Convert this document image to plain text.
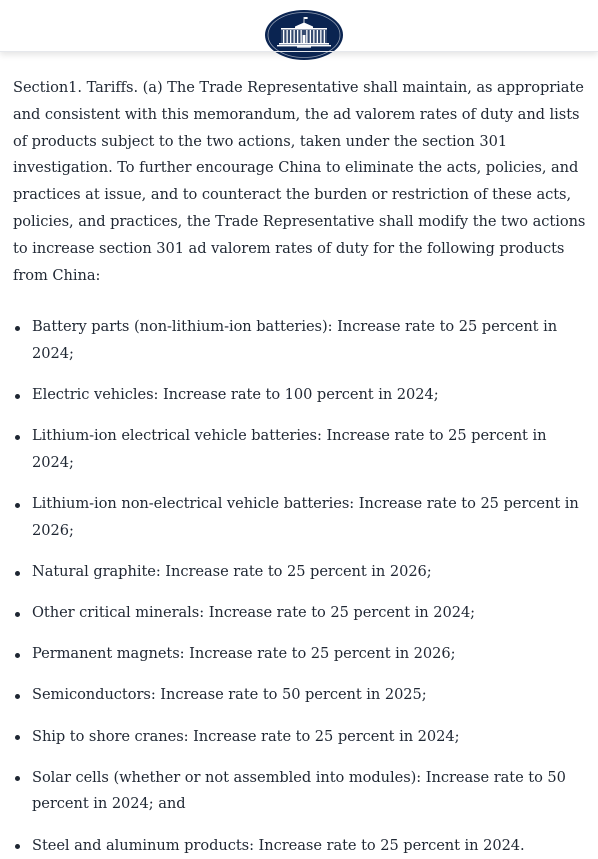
Section1. Tariffs. (a) The Trade Representative shall maintain, as appropriate and consistent with this memorandum, the ad valorem rates of duty and lists of products subject to the two actions, taken under the section 301 investigation. To further encourage China to eliminate the acts, policies, and practices at issue, and to counteract the burden or restriction of these acts, policies, and practices, the Trade Representative shall modify the two actions to increase section 301 ad valorem rates of duty for the following products from China:

Battery parts (non-lithium-ion batteries): Increase rate to 25 percent in 2024;
Electric vehicles: Increase rate to 100 percent in 2024;
Lithium-ion electrical vehicle batteries: Increase rate to 25 percent in 2024;
Lithium-ion non-electrical vehicle batteries: Increase rate to 25 percent in 2026;
Natural graphite: Increase rate to 25 percent in 2026;
Other critical minerals: Increase rate to 25 percent in 2024;
Permanent magnets: Increase rate to 25 percent in 2026;
Semiconductors: Increase rate to 50 percent in 2025;
Ship to shore cranes: Increase rate to 25 percent in 2024;
Solar cells (whether or not assembled into modules): Increase rate to 50 percent in 2024; and
Steel and aluminum products: Increase rate to 25 percent in 2024.
